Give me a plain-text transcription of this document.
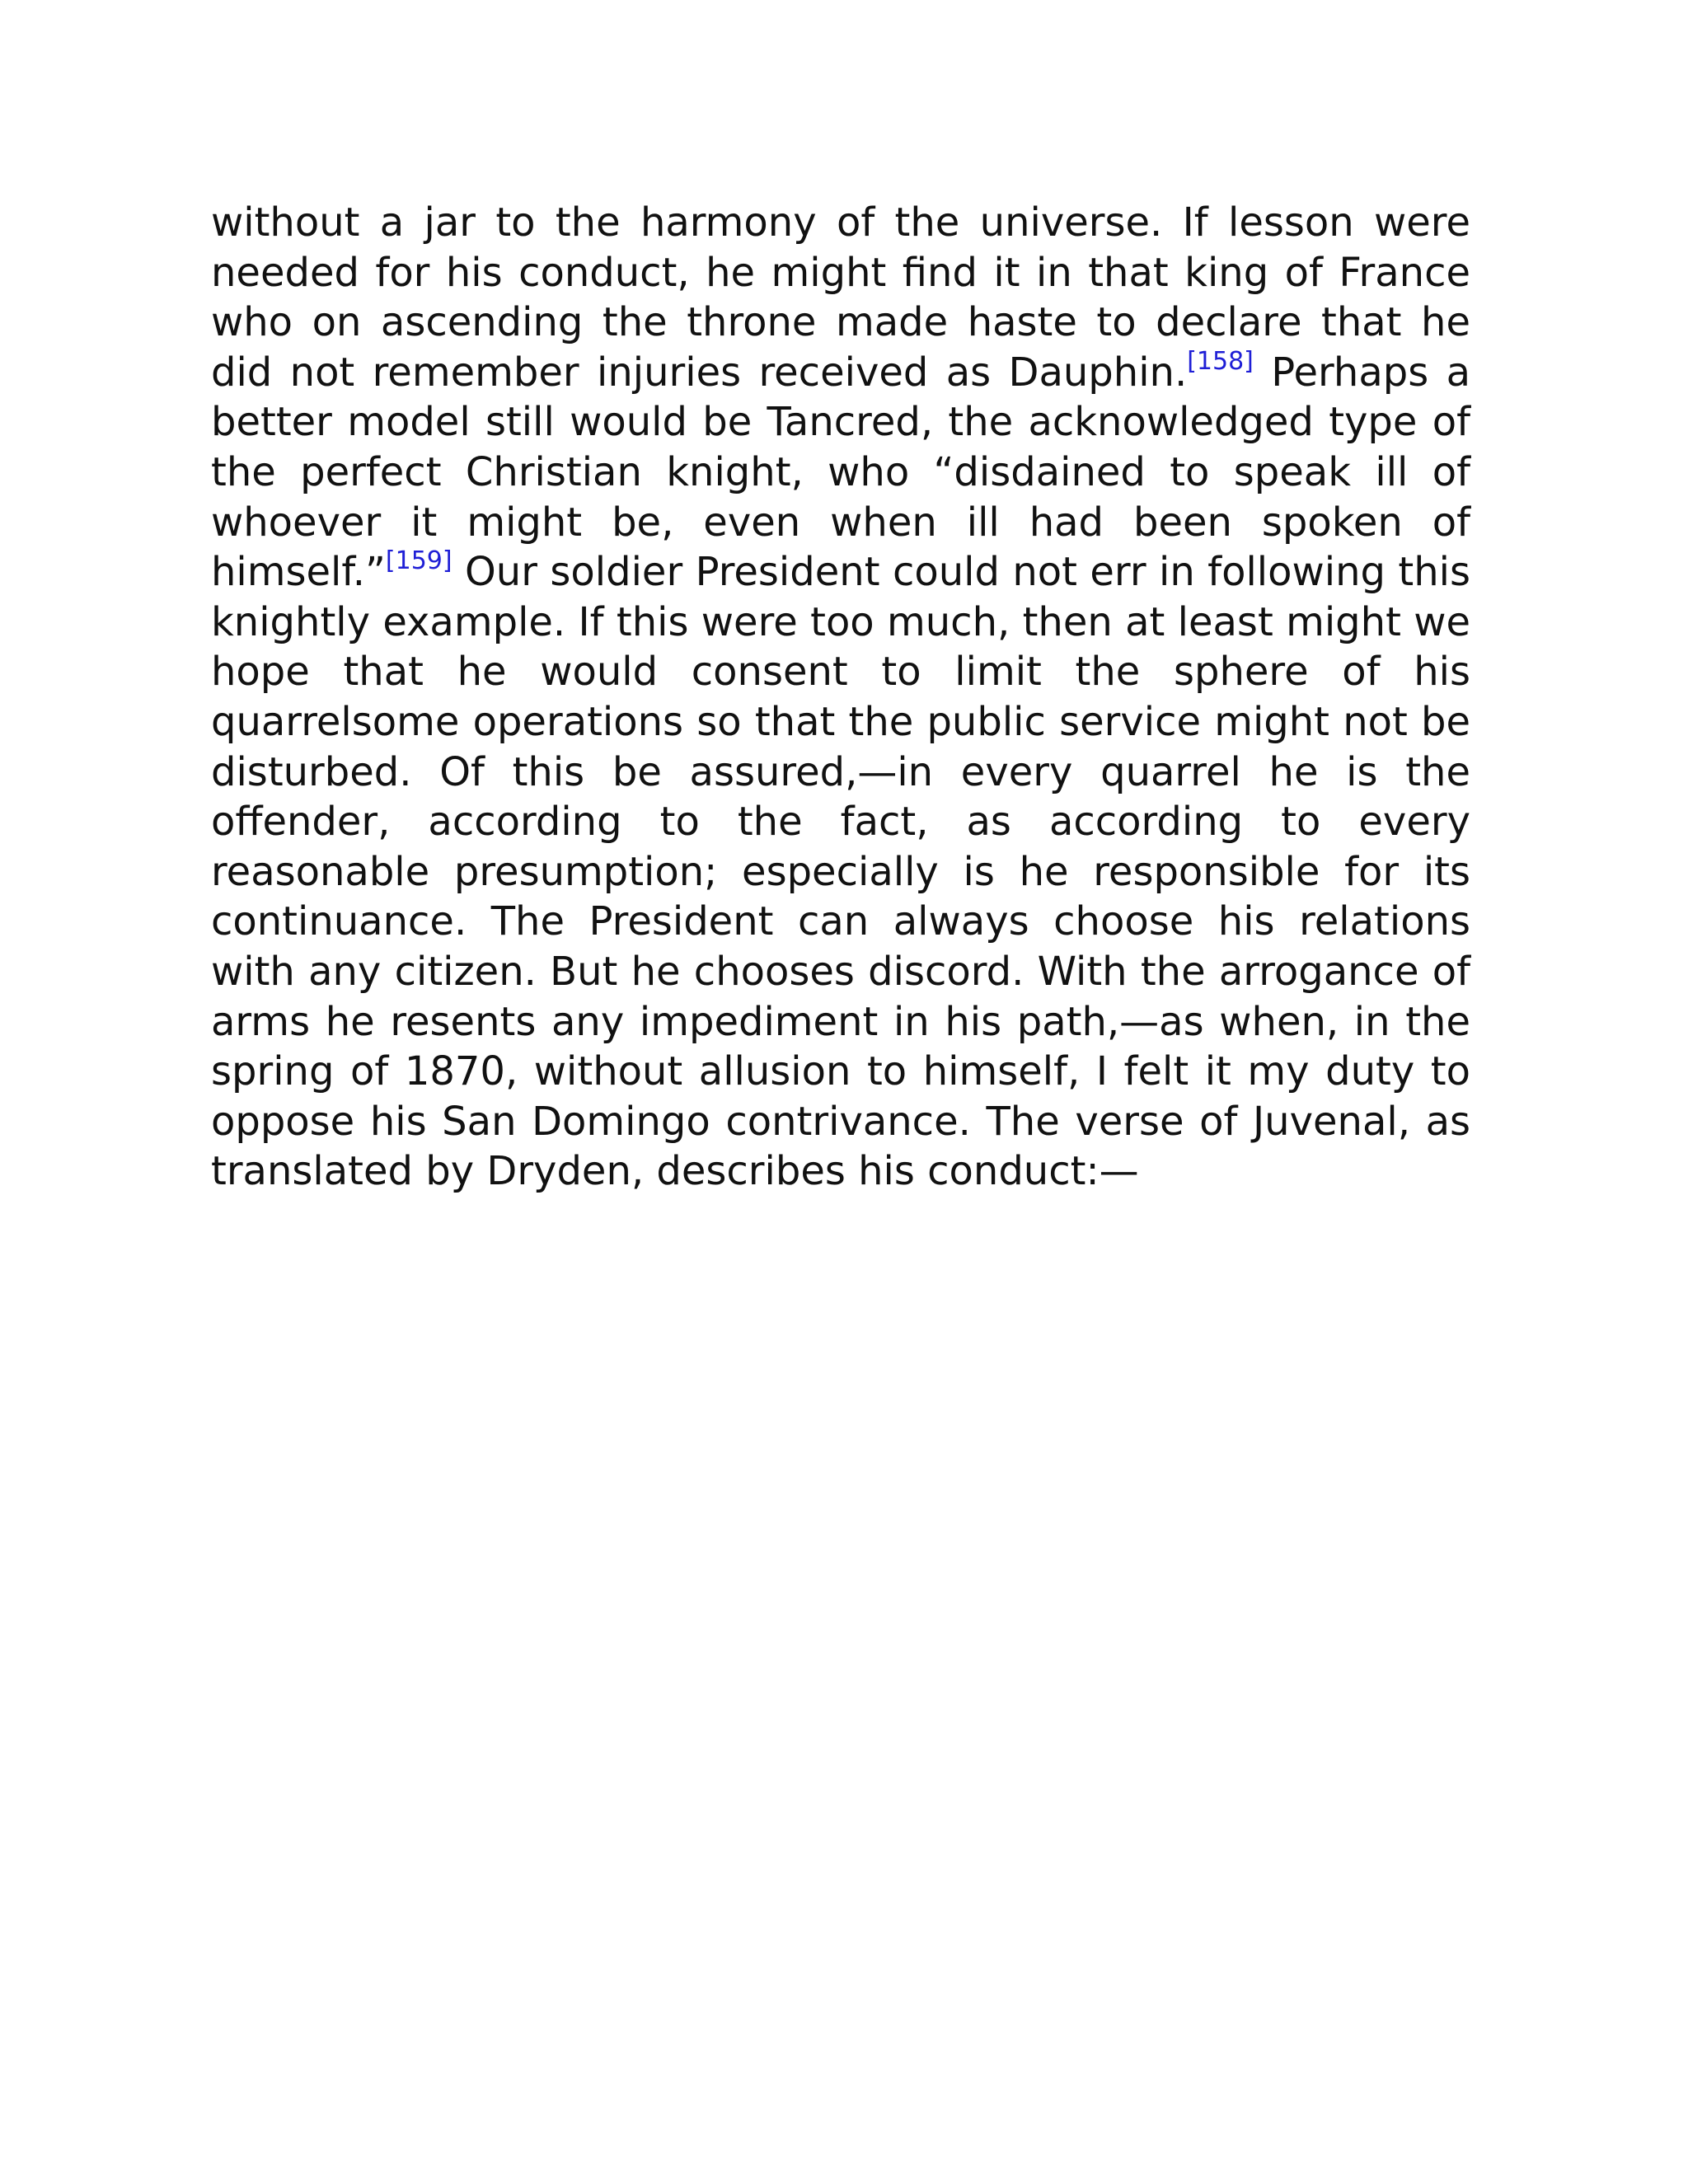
without a jar to the harmony of the universe. If lesson were needed for his conduct, he might find it in that king of France who on ascending the throne made haste to declare that he did not remember injuries received as Dauphin.[158] Perhaps a better model still would be Tancred, the acknowledged type of the perfect Christian knight, who “disdained to speak ill of whoever it might be, even when ill had been spoken of himself.”[159] Our soldier President could not err in following this knightly example. If this were too much, then at least might we hope that he would consent to limit the sphere of his quarrelsome operations so that the public service might not be disturbed. Of this be assured,—in every quarrel he is the offender, according to the fact, as according to every reasonable presumption; especially is he responsible for its continuance. The President can always choose his relations with any citizen. But he chooses discord. With the arrogance of arms he resents any impediment in his path,—as when, in the spring of 1870, without allusion to himself, I felt it my duty to oppose his San Domingo contrivance. The verse of Juvenal, as translated by Dryden, describes his conduct:—
